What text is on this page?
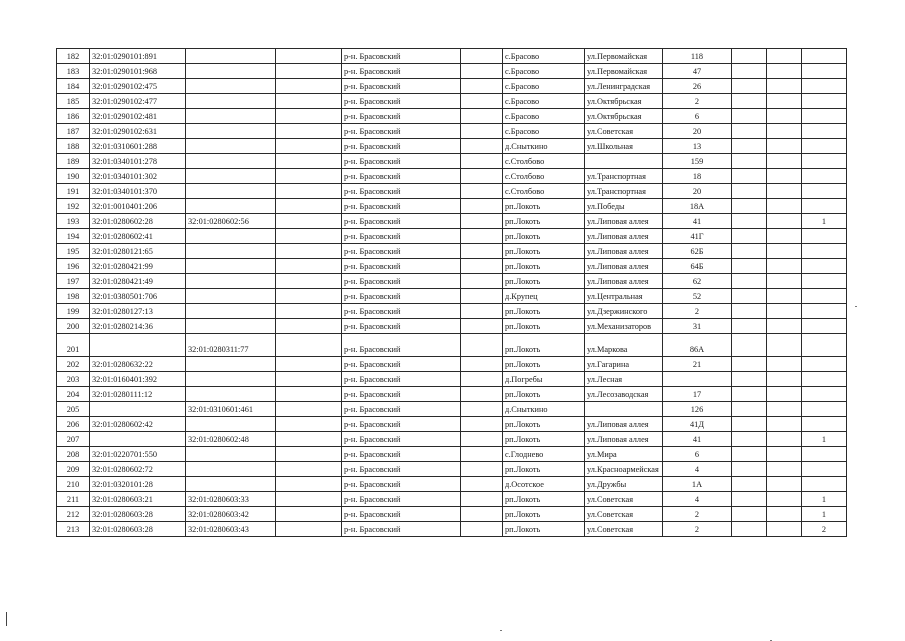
182	32:01:0290101:891			р-н. Брасовский		с.Брасово	ул.Первомайская	118			
183	32:01:0290101:968			р-н. Брасовский		с.Брасово	ул.Первомайская	47			
184	32:01:0290102:475			р-н. Брасовский		с.Брасово	ул.Ленинградская	26			
185	32:01:0290102:477			р-н. Брасовский		с.Брасово	ул.Октябрьская	2			
186	32:01:0290102:481			р-н. Брасовский		с.Брасово	ул.Октябрьская	6			
187	32:01:0290102:631			р-н. Брасовский		с.Брасово	ул.Советская	20			
188	32:01:0310601:288			р-н. Брасовский		д.Сныткино	ул.Школьная	13			
189	32:01:0340101:278			р-н. Брасовский		с.Столбово		159			
190	32:01:0340101:302			р-н. Брасовский		с.Столбово	ул.Транспортная	18			
191	32:01:0340101:370			р-н. Брасовский		с.Столбово	ул.Транспортная	20			
192	32:01:0010401:206			р-н. Брасовский		рп.Локоть	ул.Победы	18А			
193	32:01:0280602:28	32:01:0280602:56		р-н. Брасовский		рп.Локоть	ул.Липовая аллея	41			1
194	32:01:0280602:41			р-н. Брасовский		рп.Локоть	ул.Липовая аллея	41Г			
195	32:01:0280121:65			р-н. Брасовский		рп.Локоть	ул.Липовая аллея	62Б			
196	32:01:0280421:99			р-н. Брасовский		рп.Локоть	ул.Липовая аллея	64Б			
197	32:01:0280421:49			р-н. Брасовский		рп.Локоть	ул.Липовая аллея	62			
198	32:01:0380501:706			р-н. Брасовский		д.Крупец	ул.Центральная	52			
199	32:01:0280127:13			р-н. Брасовский		рп.Локоть	ул.Дзержинского	2			
200	32:01:0280214:36			р-н. Брасовский		рп.Локоть	ул.Механизаторов	31			
201		32:01:0280311:77		р-н. Брасовский		рп.Локоть	ул.Маркова	86А			
202	32:01:0280632:22			р-н. Брасовский		рп.Локоть	ул.Гагарина	21			
203	32:01:0160401:392			р-н. Брасовский		д.Погребы	ул.Лесная				
204	32:01:0280111:12			р-н. Брасовский		рп.Локоть	ул.Лесозаводская	17			
205		32:01:0310601:461		р-н. Брасовский		д.Сныткино		126			
206	32:01:0280602:42			р-н. Брасовский		рп.Локоть	ул.Липовая аллея	41Д			
207		32:01:0280602:48		р-н. Брасовский		рп.Локоть	ул.Липовая аллея	41			1
208	32:01:0220701:550			р-н. Брасовский		с.Глоднево	ул.Мира	6			
209	32:01:0280602:72			р-н. Брасовский		рп.Локоть	ул.Красноармейская	4			
210	32:01:0320101:28			р-н. Брасовский		д.Осотское	ул.Дружбы	1А			
211	32:01:0280603:21	32:01:0280603:33		р-н. Брасовский		рп.Локоть	ул.Советская	4			1
212	32:01:0280603:28	32:01:0280603:42		р-н. Брасовский		рп.Локоть	ул.Советская	2			1
213	32:01:0280603:28	32:01:0280603:43		р-н. Брасовский		рп.Локоть	ул.Советская	2			2
